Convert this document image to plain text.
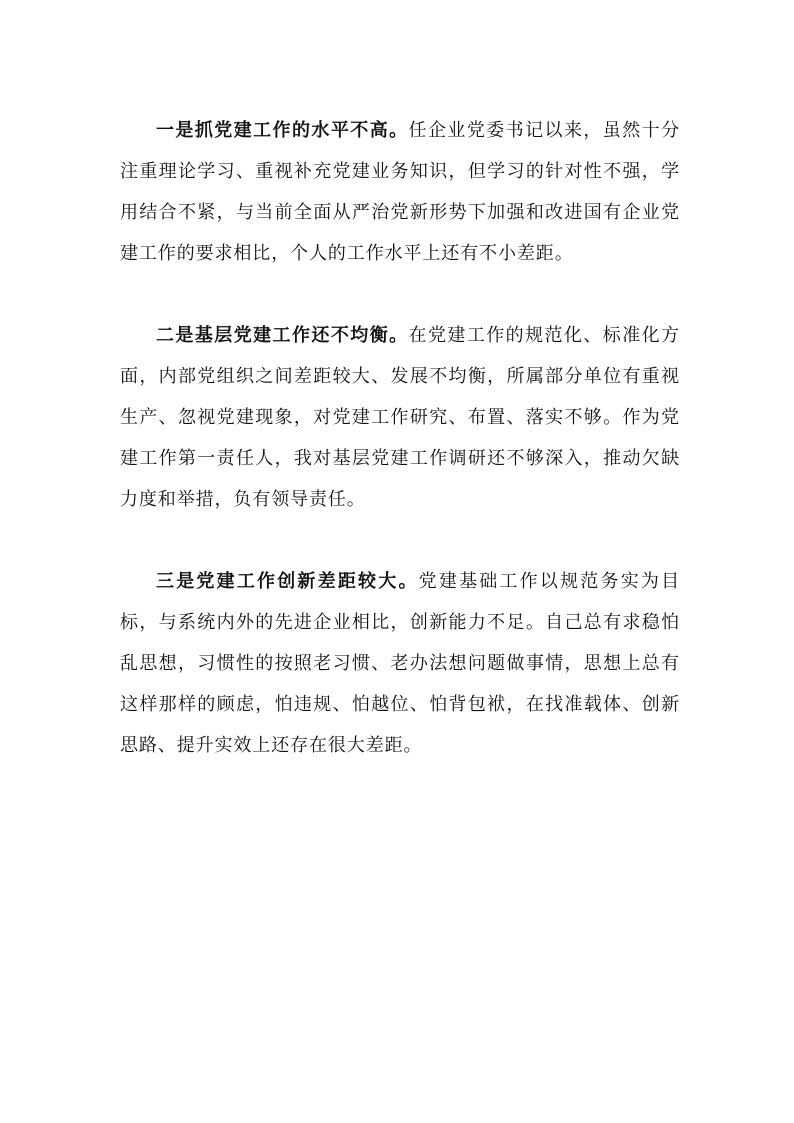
一是抓党建工作的水平不高。任企业党委书记以来，虽然十分注重理论学习、重视补充党建业务知识，但学习的针对性不强，学用结合不紧，与当前全面从严治党新形势下加强和改进国有企业党建工作的要求相比，个人的工作水平上还有不小差距。

二是基层党建工作还不均衡。在党建工作的规范化、标准化方面，内部党组织之间差距较大、发展不均衡，所属部分单位有重视生产、忽视党建现象，对党建工作研究、布置、落实不够。作为党建工作第一责任人，我对基层党建工作调研还不够深入，推动欠缺力度和举措，负有领导责任。

三是党建工作创新差距较大。党建基础工作以规范务实为目标，与系统内外的先进企业相比，创新能力不足。自己总有求稳怕乱思想，习惯性的按照老习惯、老办法想问题做事情，思想上总有这样那样的顾虑，怕违规、怕越位、怕背包袱，在找准载体、创新思路、提升实效上还存在很大差距。
